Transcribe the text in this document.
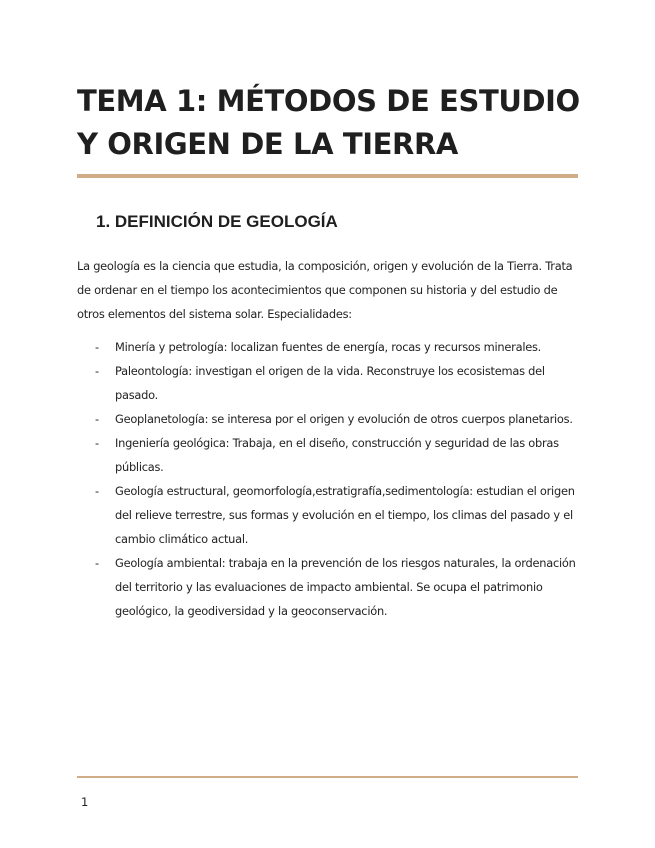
TEMA 1: MÉTODOS DE ESTUDIO
Y ORIGEN DE LA TIERRA
1. DEFINICIÓN DE GEOLOGÍA

La geología es la ciencia que estudia, la composición, origen y evolución de la Tierra. Trata
de ordenar en el tiempo los acontecimientos que componen su historia y del estudio de
otros elementos del sistema solar. Especialidades:

- Minería y petrología: localizan fuentes de energía, rocas y recursos minerales.
- Paleontología: investigan el origen de la vida. Reconstruye los ecosistemas del
pasado.
- Geoplanetología: se interesa por el origen y evolución de otros cuerpos planetarios.
- Ingeniería geológica: Trabaja, en el diseño, construcción y seguridad de las obras
públicas.
- Geología estructural, geomorfología,estratigrafía,sedimentología: estudian el origen
del relieve terrestre, sus formas y evolución en el tiempo, los climas del pasado y el
cambio climático actual.
- Geología ambiental: trabaja en la prevención de los riesgos naturales, la ordenación
del territorio y las evaluaciones de impacto ambiental. Se ocupa el patrimonio
geológico, la geodiversidad y la geoconservación.
1
